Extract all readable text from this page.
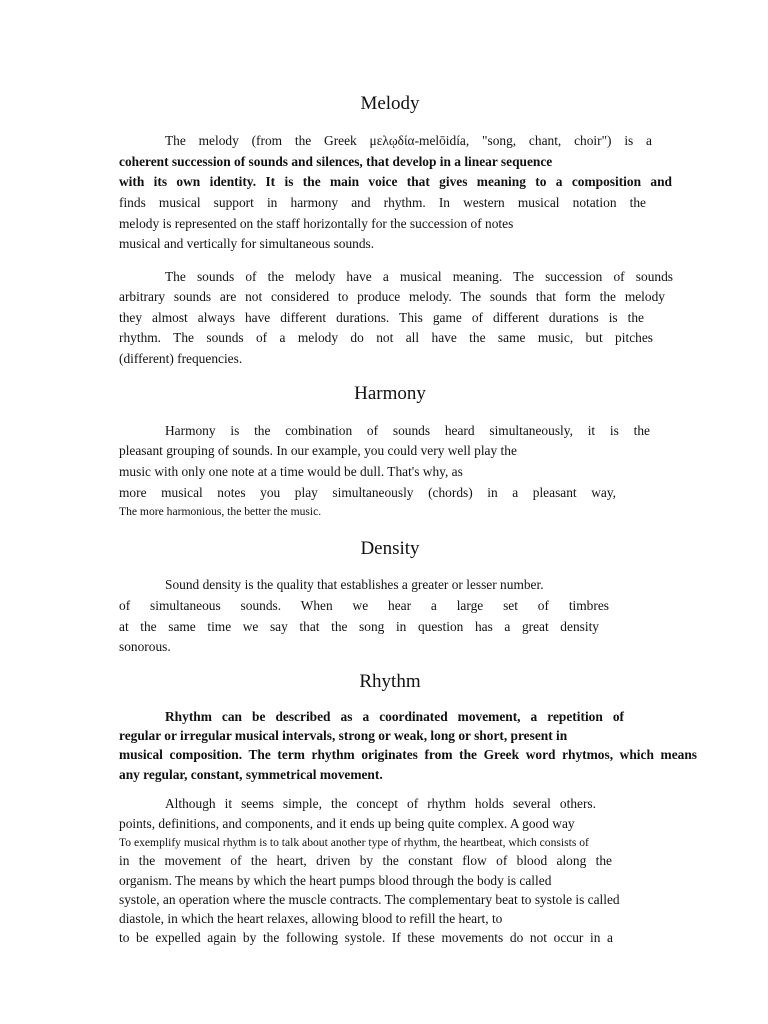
Melody

The melody (from the Greek μελῳδία-melōidía, "song, chant, choir") is a

coherent succession of sounds and silences, that develop in a linear sequence

with its own identity. It is the main voice that gives meaning to a composition and

finds musical support in harmony and rhythm. In western musical notation the

melody is represented on the staff horizontally for the succession of notes

musical and vertically for simultaneous sounds.

The sounds of the melody have a musical meaning. The succession of sounds

arbitrary sounds are not considered to produce melody. The sounds that form the melody

they almost always have different durations. This game of different durations is the

rhythm. The sounds of a melody do not all have the same music, but pitches

(different) frequencies.

Harmony

Harmony is the combination of sounds heard simultaneously, it is the

pleasant grouping of sounds. In our example, you could very well play the

music with only one note at a time would be dull. That's why, as

more musical notes you play simultaneously (chords) in a pleasant way,

The more harmonious, the better the music.

Density

Sound density is the quality that establishes a greater or lesser number.

of simultaneous sounds. When we hear a large set of timbres

at the same time we say that the song in question has a great density

sonorous.

Rhythm

Rhythm can be described as a coordinated movement, a repetition of

regular or irregular musical intervals, strong or weak, long or short, present in

musical composition. The term rhythm originates from the Greek word rhytmos, which means

any regular, constant, symmetrical movement.

Although it seems simple, the concept of rhythm holds several others.

points, definitions, and components, and it ends up being quite complex. A good way

To exemplify musical rhythm is to talk about another type of rhythm, the heartbeat, which consists of

in the movement of the heart, driven by the constant flow of blood along the

organism. The means by which the heart pumps blood through the body is called

systole, an operation where the muscle contracts. The complementary beat to systole is called

diastole, in which the heart relaxes, allowing blood to refill the heart, to

to be expelled again by the following systole. If these movements do not occur in a
